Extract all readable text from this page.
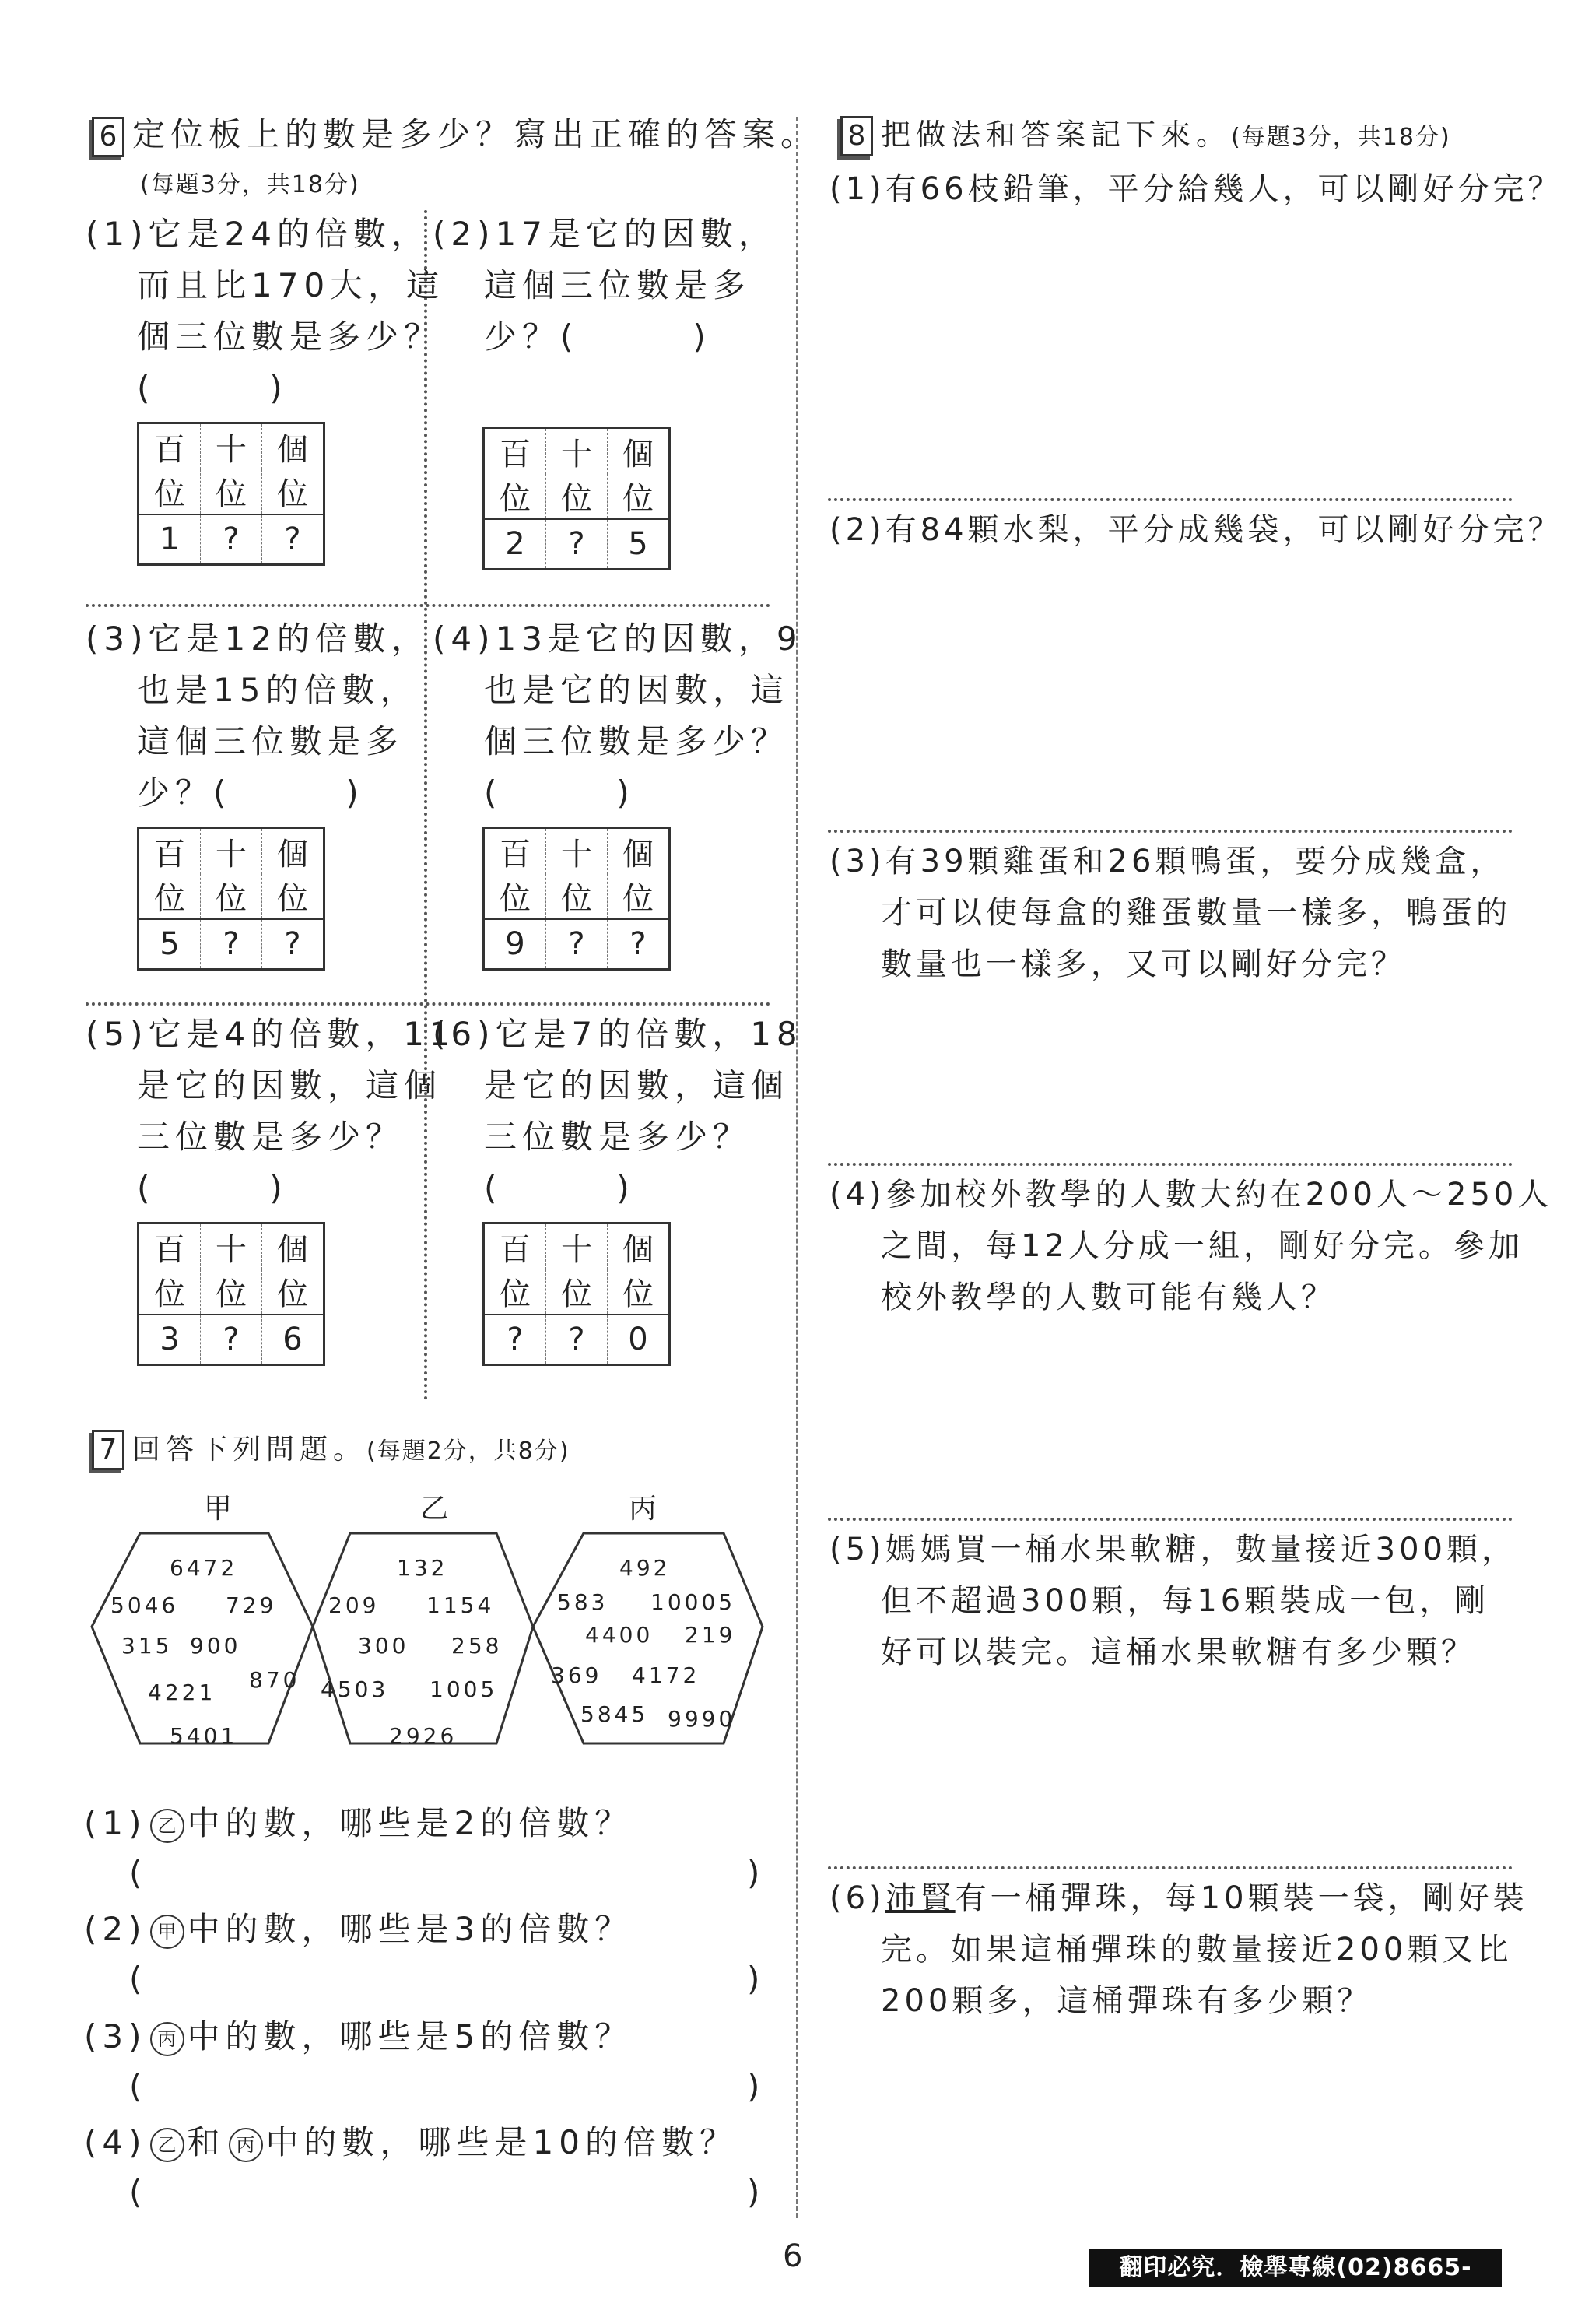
6 定位板上的數是多少？寫出正確的答案。
(每題3分，共18分)
(1)它是24的倍數，
而且比170大，這
個三位數是多少？
(　　　)
百	十	個
位	位	位
1	?	?
(2)17是它的因數，
這個三位數是多
少？(　　　)
百	十	個
位	位	位
2	?	5
(3)它是12的倍數，
也是15的倍數，
這個三位數是多
少？(　　　)
百	十	個
位	位	位
5	?	?
(4)13是它的因數，9
也是它的因數，這
個三位數是多少？
(　　　)
百	十	個
位	位	位
9	?	?
(5)它是4的倍數，11
是它的因數，這個
三位數是多少？
(　　　)
百	十	個
位	位	位
3	?	6
(6)它是7的倍數，18
是它的因數，這個
三位數是多少？
(　　　)
百	十	個
位	位	位
?	?	0
7 回答下列問題。(每題2分，共8分)
甲	乙	丙
6472
5046 729
315 900
4221 870
5401
132
209 1154
300 258
4503 1005
2926
492
583 10005
4400 219
369 4172
5845 9990
(1) 乙 中的數，哪些是2的倍數？
(	)
(2) 甲 中的數，哪些是3的倍數？
(	)
(3) 丙 中的數，哪些是5的倍數？
(	)
(4) 乙 和 丙 中的數，哪些是10的倍數？
(	)
8 把做法和答案記下來。(每題3分，共18分)
(1)有66枝鉛筆，平分給幾人，可以剛好分完？
(2)有84顆水梨，平分成幾袋，可以剛好分完？
(3)有39顆雞蛋和26顆鴨蛋，要分成幾盒，
才可以使每盒的雞蛋數量一樣多，鴨蛋的
數量也一樣多，又可以剛好分完？
(4)參加校外教學的人數大約在200人～250人
之間，每12人分成一組，剛好分完。參加
校外教學的人數可能有幾人？
(5)媽媽買一桶水果軟糖，數量接近300顆，
但不超過300顆，每16顆裝成一包，剛
好可以裝完。這桶水果軟糖有多少顆？
(6)沛賢有一桶彈珠，每10顆裝一袋，剛好裝
完。如果這桶彈珠的數量接近200顆又比
200顆多，這桶彈珠有多少顆？
6	翻印必究．檢舉專線(02)8665-1345
